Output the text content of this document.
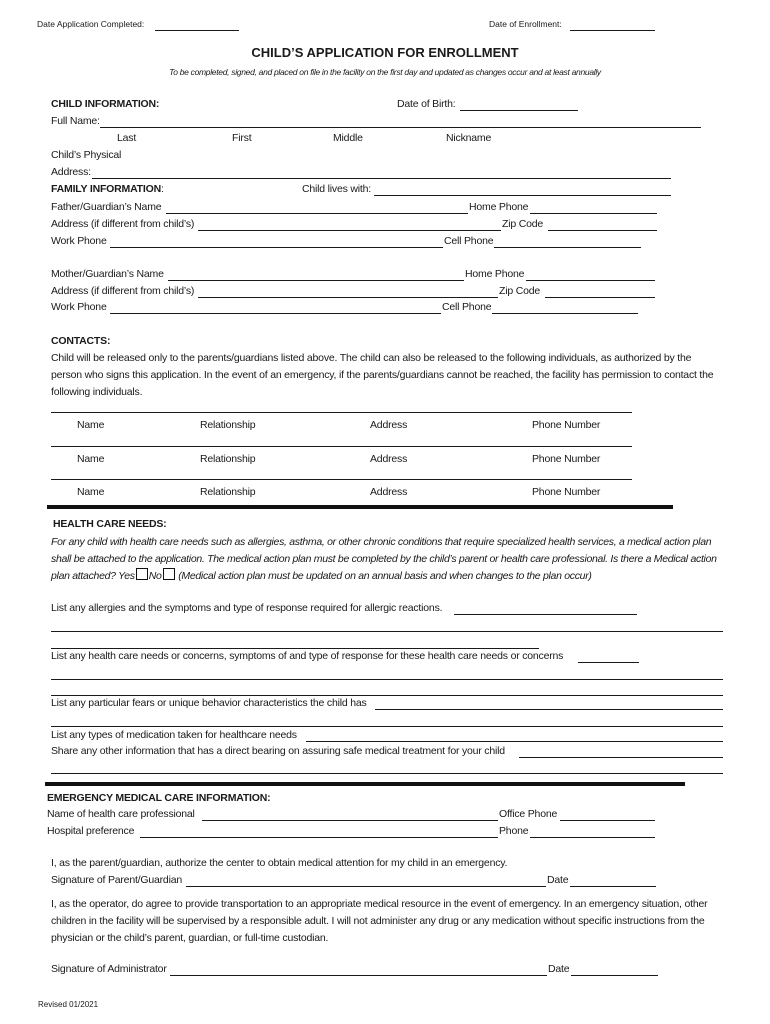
Date Application Completed:	Date of Enrollment:
CHILD’S APPLICATION FOR ENROLLMENT
To be completed, signed, and placed on file in the facility on the first day and updated as changes occur and at least annually
CHILD INFORMATION:	Date of Birth:
Full Name:
Last	First	Middle	Nickname
Child’s Physical
Address:
FAMILY INFORMATION:	Child lives with:
Father/Guardian’s Name	Home Phone
Address (if different from child’s)	Zip Code
Work Phone	Cell Phone
Mother/Guardian’s Name	Home Phone
Address (if different from child’s)	Zip Code
Work Phone	Cell Phone
CONTACTS:
Child will be released only to the parents/guardians listed above. The child can also be released to the following individuals, as authorized by the person who signs this application. In the event of an emergency, if the parents/guardians cannot be reached, the facility has permission to contact the following individuals.
Name	Relationship	Address	Phone Number
Name	Relationship	Address	Phone Number
Name	Relationship	Address	Phone Number
HEALTH CARE NEEDS:
For any child with health care needs such as allergies, asthma, or other chronic conditions that require specialized health services, a medical action plan shall be attached to the application. The medical action plan must be completed by the child’s parent or health care professional. Is there a Medical action plan attached? Yes No (Medical action plan must be updated on an annual basis and when changes to the plan occur)
List any allergies and the symptoms and type of response required for allergic reactions.
List any health care needs or concerns, symptoms of and type of response for these health care needs or concerns
List any particular fears or unique behavior characteristics the child has
List any types of medication taken for healthcare needs
Share any other information that has a direct bearing on assuring safe medical treatment for your child
EMERGENCY MEDICAL CARE INFORMATION:
Name of health care professional	Office Phone
Hospital preference	Phone
I, as the parent/guardian, authorize the center to obtain medical attention for my child in an emergency.
Signature of Parent/Guardian	Date
I, as the operator, do agree to provide transportation to an appropriate medical resource in the event of emergency. In an emergency situation, other children in the facility will be supervised by a responsible adult. I will not administer any drug or any medication without specific instructions from the physician or the child’s parent, guardian, or full-time custodian.
Signature of Administrator	Date
Revised 01/2021
